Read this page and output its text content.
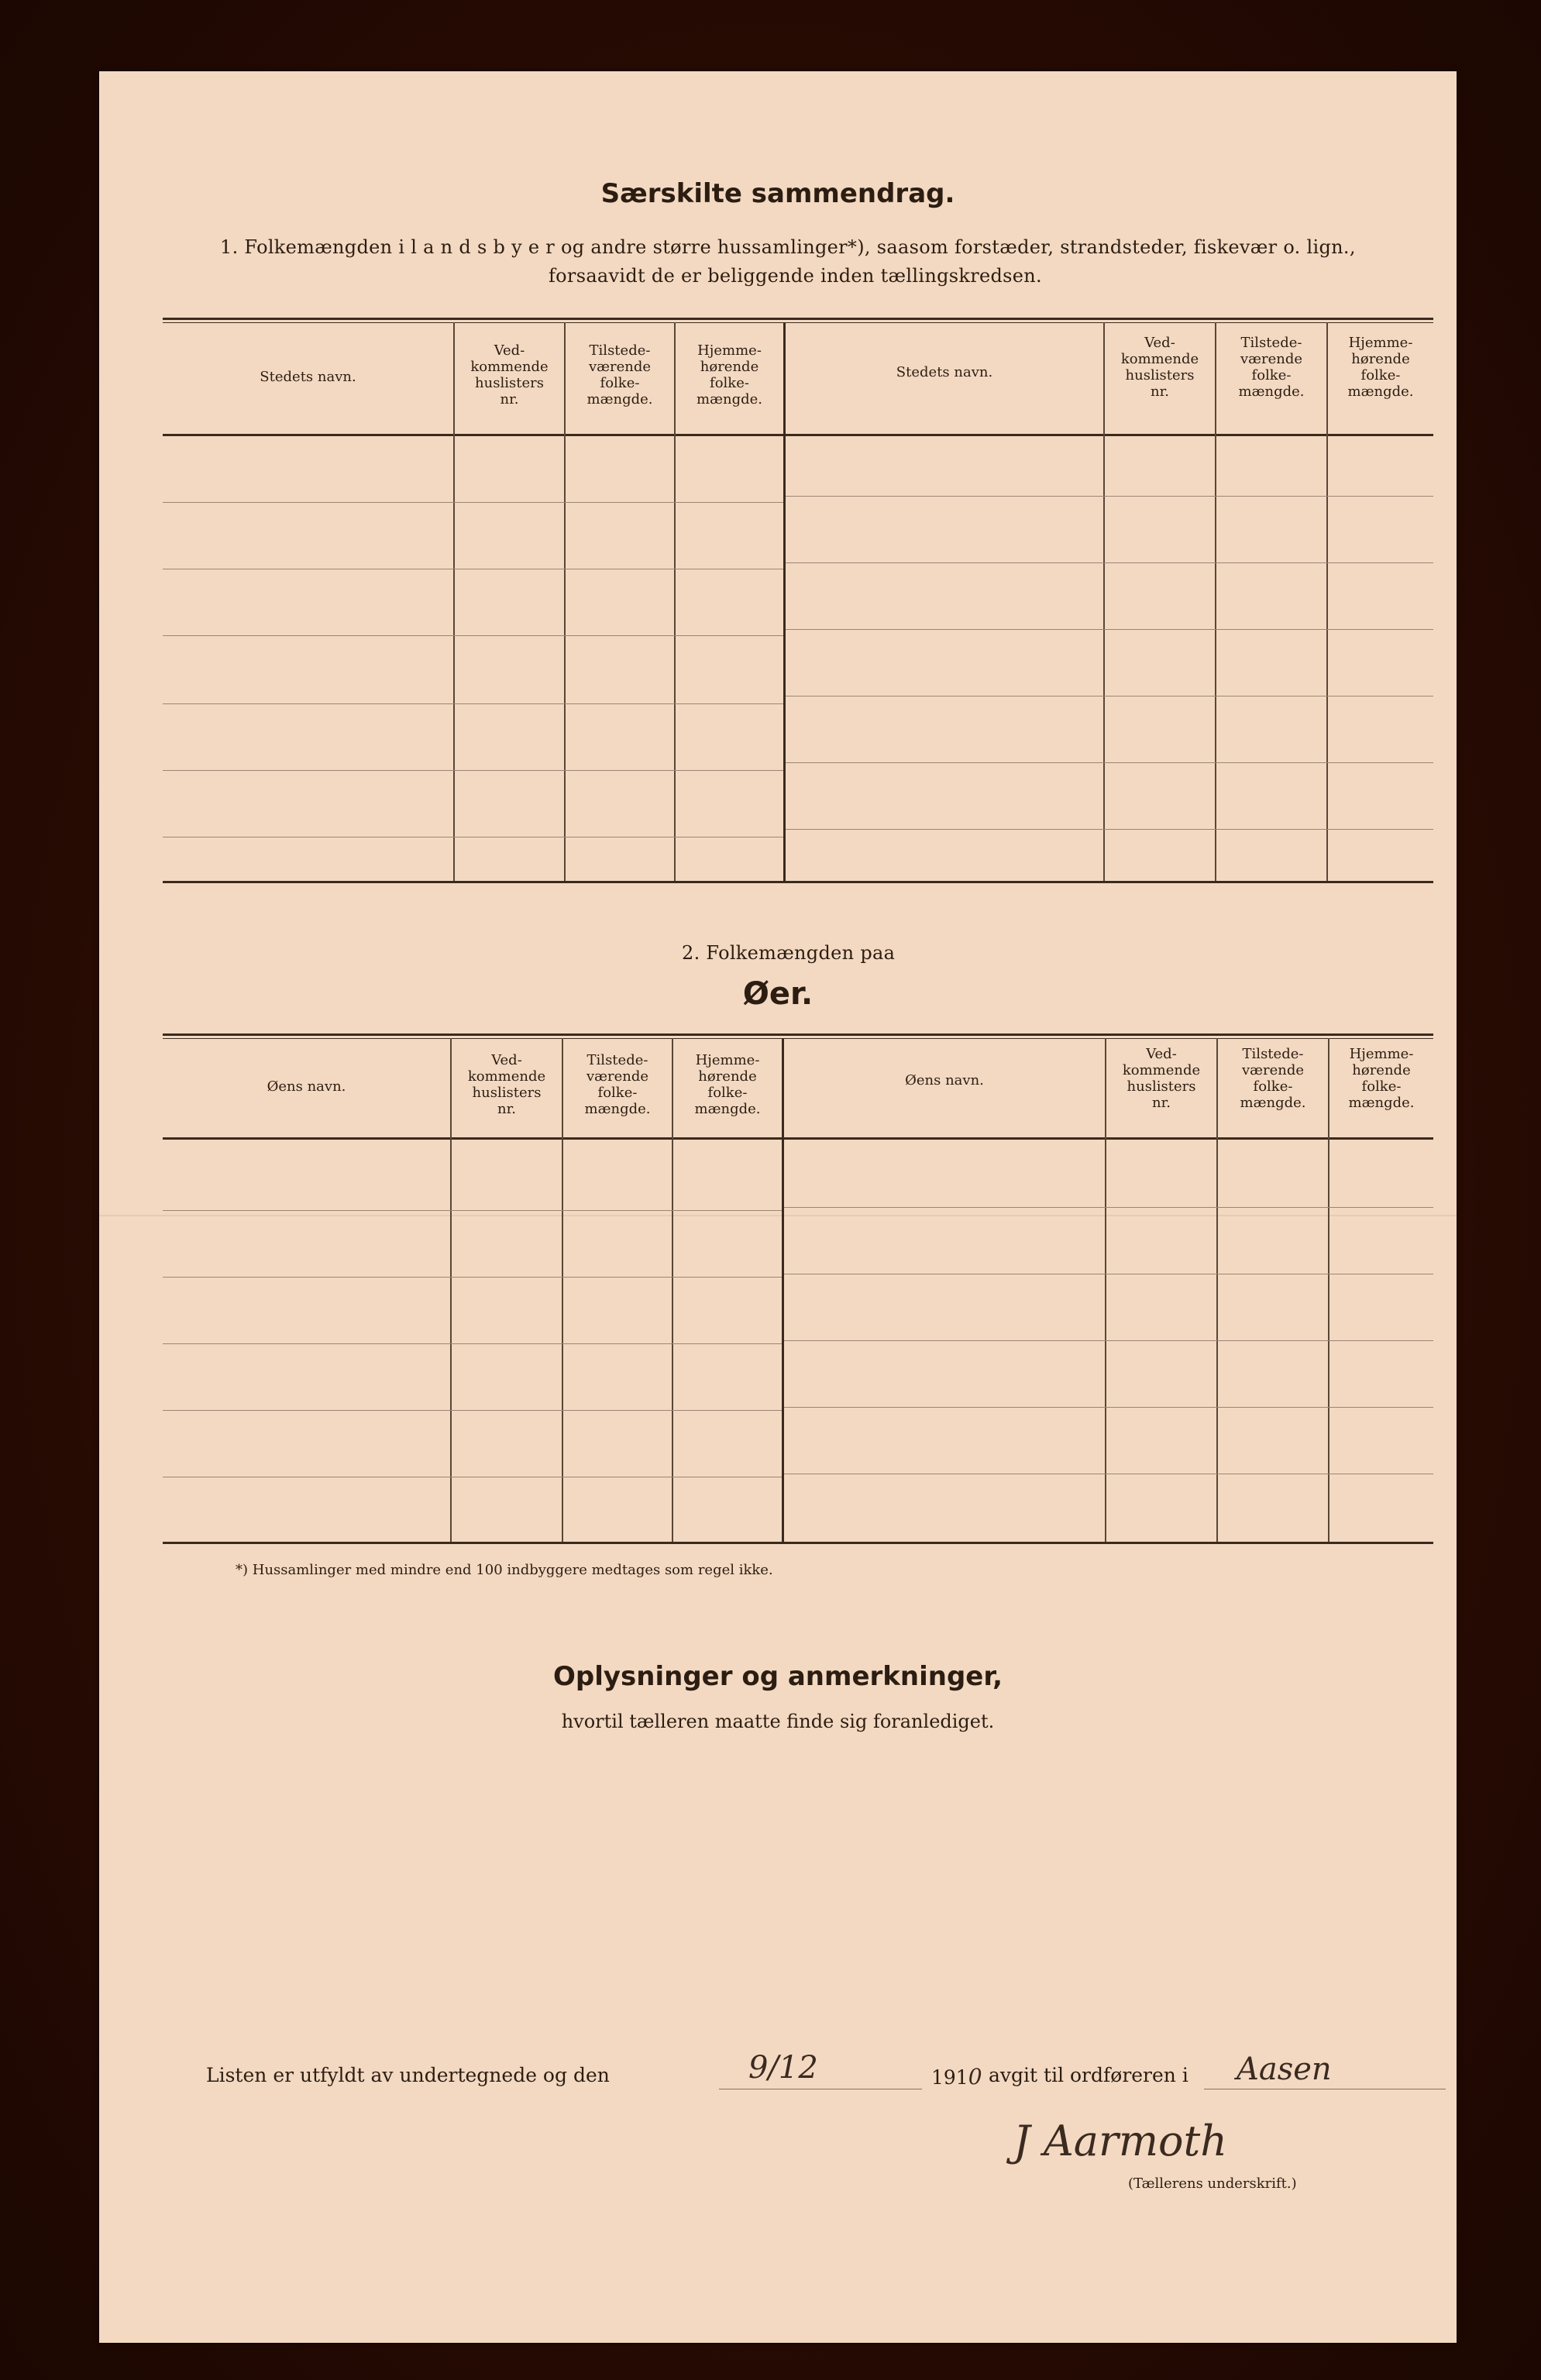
Særskilte sammendrag.
1. Folkemængden i l a n d s b y e r og andre større hussamlinger*), saasom forstæder, strandsteder, fiskevær o. lign.,
forsaavidt de er beliggende inden tællingskredsen.
Stedets navn.
Ved-
kommende
huslisters
nr.
Tilstede-
værende
folke-
mængde.
Hjemme-
hørende
folke-
mængde.
Stedets navn.
Ved-
kommende
huslisters
nr.
Tilstede-
værende
folke-
mængde.
Hjemme-
hørende
folke-
mængde.
2. Folkemængden paa
Øer.
Øens navn.
Ved-
kommende
huslisters
nr.
Tilstede-
værende
folke-
mængde.
Hjemme-
hørende
folke-
mængde.
Øens navn.
Ved-
kommende
huslisters
nr.
Tilstede-
værende
folke-
mængde.
Hjemme-
hørende
folke-
mængde.
*) Hussamlinger med mindre end 100 indbyggere medtages som regel ikke.
Oplysninger og anmerkninger,
hvortil tælleren maatte finde sig foranlediget.
Listen er utfyldt av undertegnede og den	9/12	1910 avgit til ordføreren i Aasen
J Aarmoth
(Tællerens underskrift.)
